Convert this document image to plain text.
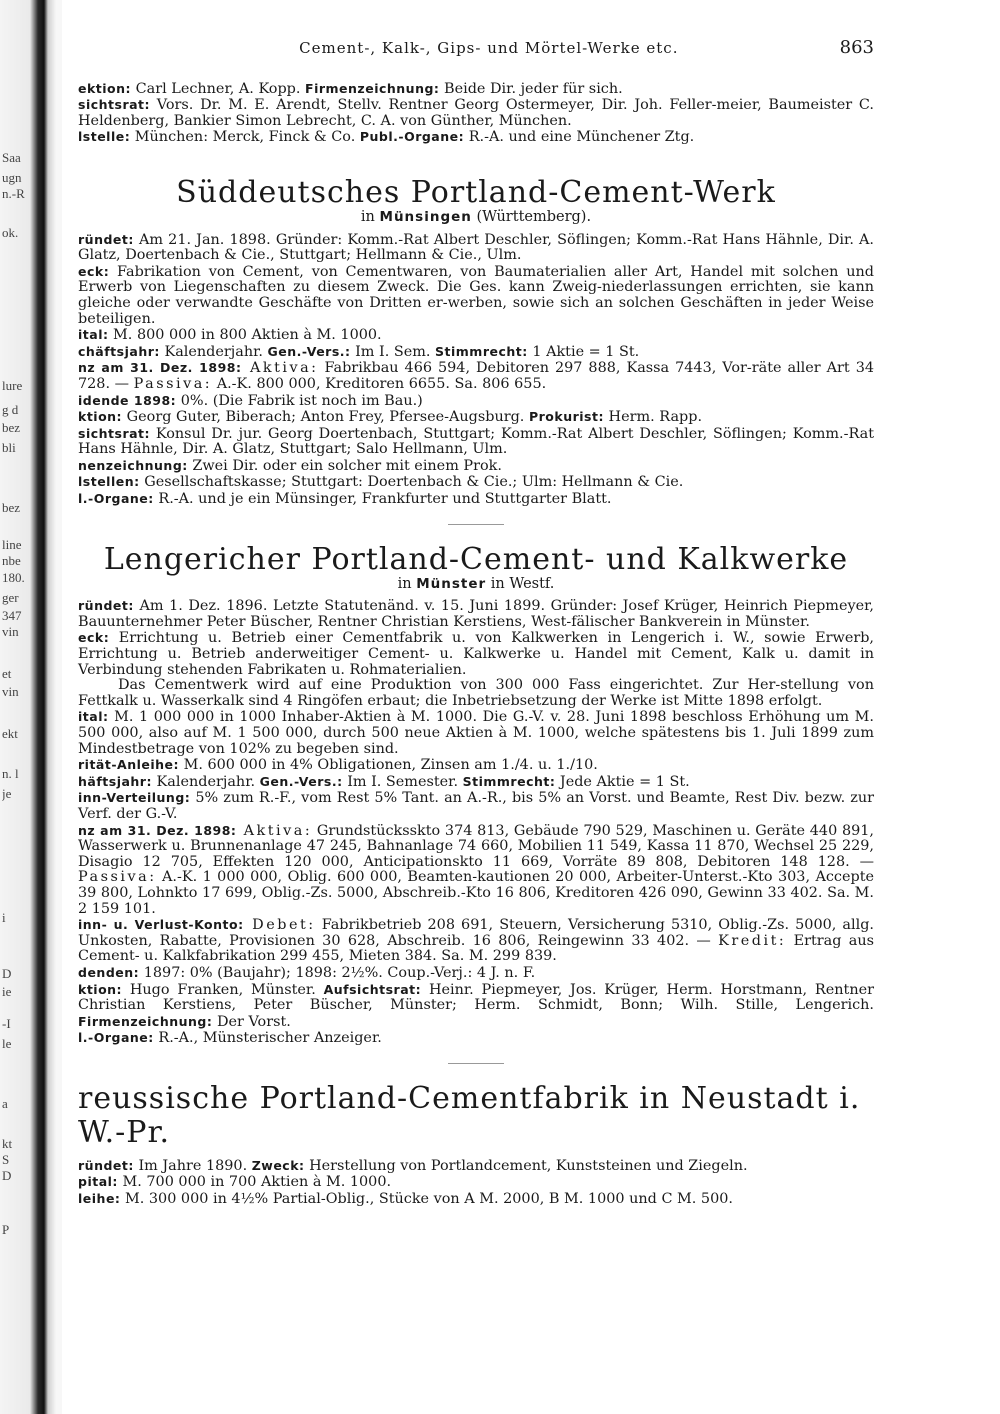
Saa
ugn
n.-R
ok.
lure
g d
bez
bli
bez
line
nbe
180.
ger
347
vin
et
vin
ekt
n. l
je
i
D
ie
-I
le
a
kt
S
D
P
Cement-, Kalk-, Gips- und Mörtel-Werke etc.	863

ektion: Carl Lechner, A. Kopp. Firmenzeichnung: Beide Dir. jeder für sich.

sichtsrat: Vors. Dr. M. E. Arendt, Stellv. Rentner Georg Ostermeyer, Dir. Joh. Feller-meier, Baumeister C. Heldenberg, Bankier Simon Lebrecht, C. A. von Günther, München.

lstelle: München: Merck, Finck & Co. Publ.-Organe: R.-A. und eine Münchener Ztg.

Süddeutsches Portland-Cement-Werk
in Münsingen (Württemberg).

ründet: Am 21. Jan. 1898. Gründer: Komm.-Rat Albert Deschler, Söflingen; Komm.-Rat Hans Hähnle, Dir. A. Glatz, Doertenbach & Cie., Stuttgart; Hellmann & Cie., Ulm.

eck: Fabrikation von Cement, von Cementwaren, von Baumaterialien aller Art, Handel mit solchen und Erwerb von Liegenschaften zu diesem Zweck. Die Ges. kann Zweig-niederlassungen errichten, sie kann gleiche oder verwandte Geschäfte von Dritten er-werben, sowie sich an solchen Geschäften in jeder Weise beteiligen.

ital: M. 800 000 in 800 Aktien à M. 1000.

chäftsjahr: Kalenderjahr. Gen.-Vers.: Im I. Sem. Stimmrecht: 1 Aktie = 1 St.

nz am 31. Dez. 1898: Aktiva: Fabrikbau 466 594, Debitoren 297 888, Kassa 7443, Vor-räte aller Art 34 728. — Passiva: A.-K. 800 000, Kreditoren 6655. Sa. 806 655.

idende 1898: 0%. (Die Fabrik ist noch im Bau.)

ktion: Georg Guter, Biberach; Anton Frey, Pfersee-Augsburg. Prokurist: Herm. Rapp.

sichtsrat: Konsul Dr. jur. Georg Doertenbach, Stuttgart; Komm.-Rat Albert Deschler, Söflingen; Komm.-Rat Hans Hähnle, Dir. A. Glatz, Stuttgart; Salo Hellmann, Ulm.

nenzeichnung: Zwei Dir. oder ein solcher mit einem Prok.

lstellen: Gesellschaftskasse; Stuttgart: Doertenbach & Cie.; Ulm: Hellmann & Cie.

l.-Organe: R.-A. und je ein Münsinger, Frankfurter und Stuttgarter Blatt.

Lengericher Portland-Cement- und Kalkwerke
in Münster in Westf.

ründet: Am 1. Dez. 1896. Letzte Statutenänd. v. 15. Juni 1899. Gründer: Josef Krüger, Heinrich Piepmeyer, Bauunternehmer Peter Büscher, Rentner Christian Kerstiens, West-fälischer Bankverein in Münster.

eck: Errichtung u. Betrieb einer Cementfabrik u. von Kalkwerken in Lengerich i. W., sowie Erwerb, Errichtung u. Betrieb anderweitiger Cement- u. Kalkwerke u. Handel mit Cement, Kalk u. damit in Verbindung stehenden Fabrikaten u. Rohmaterialien.

Das Cementwerk wird auf eine Produktion von 300 000 Fass eingerichtet. Zur Her-stellung von Fettkalk u. Wasserkalk sind 4 Ringöfen erbaut; die Inbetriebsetzung der Werke ist Mitte 1898 erfolgt.

ital: M. 1 000 000 in 1000 Inhaber-Aktien à M. 1000. Die G.-V. v. 28. Juni 1898 beschloss Erhöhung um M. 500 000, also auf M. 1 500 000, durch 500 neue Aktien à M. 1000, welche spätestens bis 1. Juli 1899 zum Mindestbetrage von 102% zu begeben sind.

rität-Anleihe: M. 600 000 in 4% Obligationen, Zinsen am 1./4. u. 1./10.

häftsjahr: Kalenderjahr. Gen.-Vers.: Im I. Semester. Stimmrecht: Jede Aktie = 1 St.

inn-Verteilung: 5% zum R.-F., vom Rest 5% Tant. an A.-R., bis 5% an Vorst. und Beamte, Rest Div. bezw. zur Verf. der G.-V.

nz am 31. Dez. 1898: Aktiva: Grundstücksskto 374 813, Gebäude 790 529, Maschinen u. Geräte 440 891, Wasserwerk u. Brunnenanlage 47 245, Bahnanlage 74 660, Mobilien 11 549, Kassa 11 870, Wechsel 25 229, Disagio 12 705, Effekten 120 000, Anticipationskto 11 669, Vorräte 89 808, Debitoren 148 128. — Passiva: A.-K. 1 000 000, Oblig. 600 000, Beamten-kautionen 20 000, Arbeiter-Unterst.-Kto 303, Accepte 39 800, Lohnkto 17 699, Oblig.-Zs. 5000, Abschreib.-Kto 16 806, Kreditoren 426 090, Gewinn 33 402. Sa. M. 2 159 101.

inn- u. Verlust-Konto: Debet: Fabrikbetrieb 208 691, Steuern, Versicherung 5310, Oblig.-Zs. 5000, allg. Unkosten, Rabatte, Provisionen 30 628, Abschreib. 16 806, Reingewinn 33 402. — Kredit: Ertrag aus Cement- u. Kalkfabrikation 299 455, Mieten 384. Sa. M. 299 839.

denden: 1897: 0% (Baujahr); 1898: 2½%. Coup.-Verj.: 4 J. n. F.

ktion: Hugo Franken, Münster. Aufsichtsrat: Heinr. Piepmeyer, Jos. Krüger, Herm. Horstmann, Rentner Christian Kerstiens, Peter Büscher, Münster; Herm. Schmidt, Bonn; Wilh. Stille, Lengerich. Firmenzeichnung: Der Vorst.

l.-Organe: R.-A., Münsterischer Anzeiger.

reussische Portland-Cementfabrik in Neustadt i. W.-Pr.

ründet: Im Jahre 1890. Zweck: Herstellung von Portlandcement, Kunststeinen und Ziegeln.

pital: M. 700 000 in 700 Aktien à M. 1000.

leihe: M. 300 000 in 4½% Partial-Oblig., Stücke von A M. 2000, B M. 1000 und C M. 500.
